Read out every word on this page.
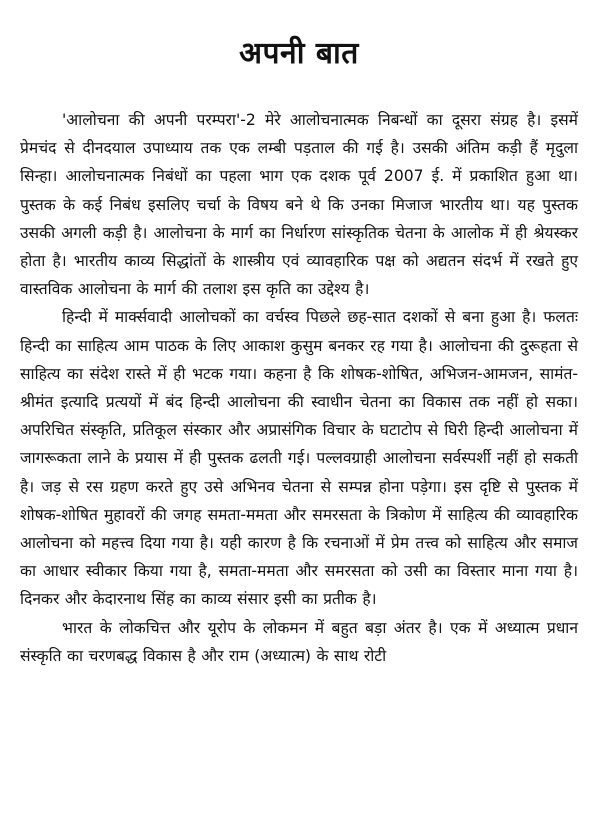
अपनी बात

'आलोचना की अपनी परम्परा'-2 मेरे आलोचनात्मक निबन्धों का दूसरा संग्रह है। इसमें प्रेमचंद से दीनदयाल उपाध्याय तक एक लम्बी पड़ताल की गई है। उसकी अंतिम कड़ी हैं मृदुला सिन्हा। आलोचनात्मक निबंधों का पहला भाग एक दशक पूर्व 2007 ई. में प्रकाशित हुआ था। पुस्तक के कई निबंध इसलिए चर्चा के विषय बने थे कि उनका मिजाज भारतीय था। यह पुस्तक उसकी अगली कड़ी है। आलोचना के मार्ग का निर्धारण सांस्कृतिक चेतना के आलोक में ही श्रेयस्कर होता है। भारतीय काव्य सिद्धांतों के शास्त्रीय एवं व्यावहारिक पक्ष को अद्यतन संदर्भ में रखते हुए वास्तविक आलोचना के मार्ग की तलाश इस कृति का उद्देश्य है।

हिन्दी में मार्क्सवादी आलोचकों का वर्चस्व पिछले छह-सात दशकों से बना हुआ है। फलतः हिन्दी का साहित्य आम पाठक के लिए आकाश कुसुम बनकर रह गया है। आलोचना की दुरूहता से साहित्य का संदेश रास्ते में ही भटक गया। कहना है कि शोषक-शोषित, अभिजन-आमजन, सामंत-श्रीमंत इत्यादि प्रत्ययों में बंद हिन्दी आलोचना की स्वाधीन चेतना का विकास तक नहीं हो सका। अपरिचित संस्कृति, प्रतिकूल संस्कार और अप्रासंगिक विचार के घटाटोप से घिरी हिन्दी आलोचना में जागरूकता लाने के प्रयास में ही पुस्तक ढलती गई। पल्लवग्राही आलोचना सर्वस्पर्शी नहीं हो सकती है। जड़ से रस ग्रहण करते हुए उसे अभिनव चेतना से सम्पन्न होना पड़ेगा। इस दृष्टि से पुस्तक में शोषक-शोषित मुहावरों की जगह समता-ममता और समरसता के त्रिकोण में साहित्य की व्यावहारिक आलोचना को महत्त्व दिया गया है। यही कारण है कि रचनाओं में प्रेम तत्त्व को साहित्य और समाज का आधार स्वीकार किया गया है, समता-ममता और समरसता को उसी का विस्तार माना गया है। दिनकर और केदारनाथ सिंह का काव्य संसार इसी का प्रतीक है।

भारत के लोकचित्त और यूरोप के लोकमन में बहुत बड़ा अंतर है। एक में अध्यात्म प्रधान संस्कृति का चरणबद्ध विकास है और राम (अध्यात्म) के साथ रोटी
